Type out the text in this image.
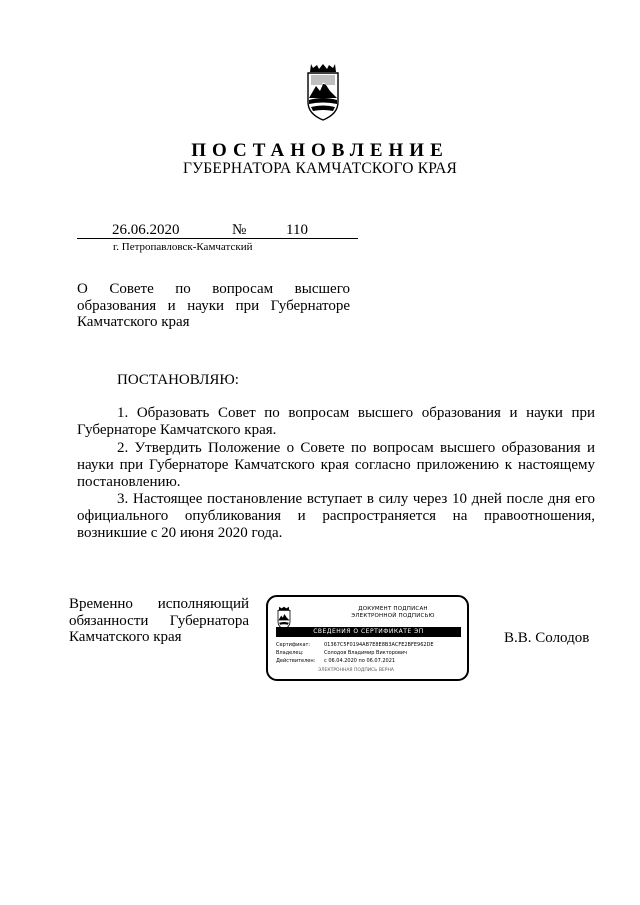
ПОСТАНОВЛЕНИЕ
ГУБЕРНАТОРА КАМЧАТСКОГО КРАЯ
26.06.2020	№	110
г. Петропавловск-Камчатский
О Совете по вопросам высшего образования и науки при Губернаторе Камчатского края
ПОСТАНОВЛЯЮ:
1. Образовать Совет по вопросам высшего образования и науки при Губернаторе Камчатского края.
2. Утвердить Положение о Совете по вопросам высшего образования и науки при Губернаторе Камчатского края согласно приложению к настоящему постановлению.
3. Настоящее постановление вступает в силу через 10 дней после дня его официального опубликования и распространяется на правоотношения, возникшие с 20 июня 2020 года.
Временно исполняющий обязанности Губернатора Камчатского края	В.В. Солодов
ДОКУМЕНТ ПОДПИСАН
ЭЛЕКТРОННОЙ ПОДПИСЬЮ
СВЕДЕНИЯ О СЕРТИФИКАТЕ ЭП
Сертификат:	01367C5F0194AB7E8E8B3ACFE2BFE962DE
Владелец:	Солодов Владимир Викторович
Действителен: с 06.04.2020 по 06.07.2021
ЭЛЕКТРОННАЯ ПОДПИСЬ ВЕРНА
